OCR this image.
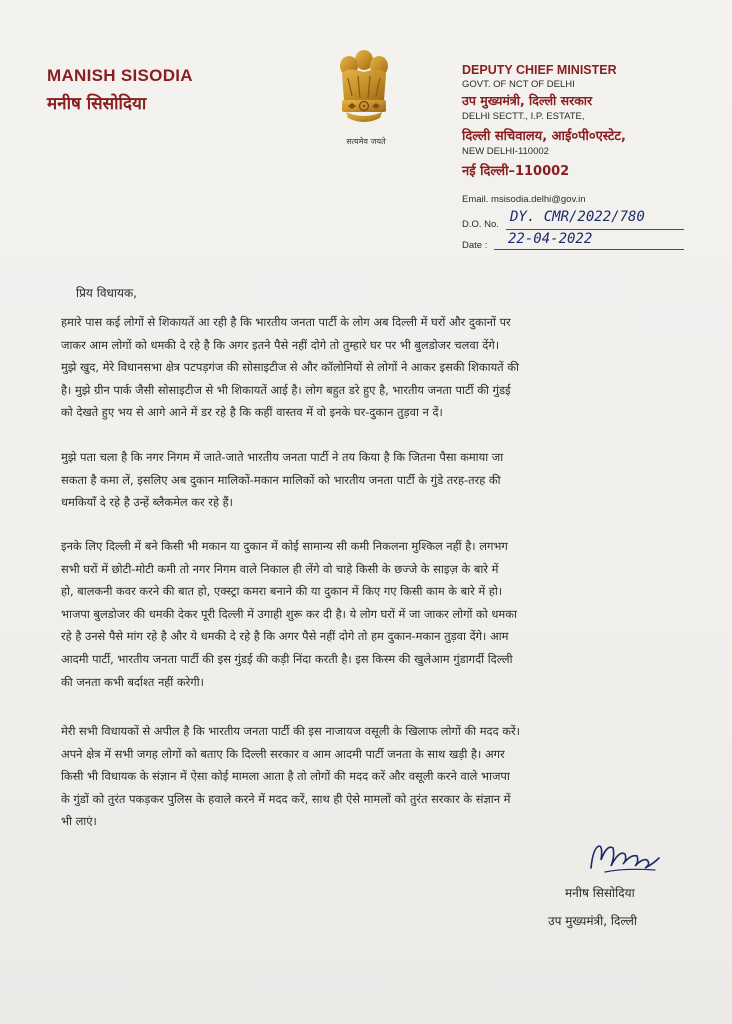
MANISH SISODIA
मनीष सिसोदिया
सत्यमेव जयते
DEPUTY CHIEF MINISTER
GOVT. OF NCT OF DELHI
उप मुख्यमंत्री, दिल्ली सरकार
DELHI SECTT., I.P. ESTATE,
दिल्ली सचिवालय, आई०पी०एस्टेट,
NEW DELHI-110002
नई दिल्ली–110002
Email. msisodia.delhi@gov.in
D.O. No. DY. CMR/2022/780
Date : 22-04-2022
प्रिय विधायक,
हमारे पास कई लोगों से शिकायतें आ रही है कि भारतीय जनता पार्टी के लोग अब दिल्ली में घरों और दुकानों पर
जाकर आम लोगों को धमकी दे रहे है कि अगर इतने पैसे नहीं दोगे तो तुम्हारे घर पर भी बुलडोजर चलवा देंगे।
मुझे खुद, मेरे विधानसभा क्षेत्र पटपड़गंज की सोसाइटीज से और कॉलोनियों से लोगों ने आकर इसकी शिकायतें की
है। मुझे ग्रीन पार्क जैसी सोसाइटीज से भी शिकायतें आई है। लोग बहुत डरे हुए है, भारतीय जनता पार्टी की गुंडई
को देखते हुए भय से आगे आने में डर रहे है कि कहीं वास्तव में वो इनके घर-दुकान तुड़वा न दें।
मुझे पता चला है कि नगर निगम में जाते-जाते भारतीय जनता पार्टी ने तय किया है कि जितना पैसा कमाया जा
सकता है कमा लें, इसलिए अब दुकान मालिकों-मकान मालिकों को भारतीय जनता पार्टी के गुंडे तरह-तरह की
धमकियाँ दे रहे है उन्हें ब्लैकमेल कर रहे हैं।
इनके लिए दिल्ली में बने किसी भी मकान या दुकान में कोई सामान्य सी कमी निकलना मुश्किल नहीं है। लगभग
सभी घरों में छोटी-मोटी कमी तो नगर निगम वाले निकाल ही लेंगे वो चाहे किसी के छज्जे के साइज़ के बारे में
हो, बालकनी कवर करने की बात हो, एक्स्ट्रा कमरा बनाने की या दुकान में किए गए किसी काम के बारे में हो।
भाजपा बुलडोजर की धमकी देकर पूरी दिल्ली में उगाही शुरू कर दी है। ये लोग घरों में जा जाकर लोगों को धमका
रहे है उनसे पैसे मांग रहे है और ये धमकी दे रहे है कि अगर पैसे नहीं दोगे तो हम दुकान-मकान तुड़वा देंगे। आम
आदमी पार्टी, भारतीय जनता पार्टी की इस गुंडई की कड़ी निंदा करती है। इस किस्म की खुलेआम गुंडागर्दी दिल्ली
की जनता कभी बर्दाश्त नहीं करेगी।
मेरी सभी विधायकों से अपील है कि भारतीय जनता पार्टी की इस नाजायज वसूली के खिलाफ लोगों की मदद करें।
अपने क्षेत्र में सभी जगह लोगों को बताए कि दिल्ली सरकार व आम आदमी पार्टी जनता के साथ खड़ी है। अगर
किसी भी विधायक के संज्ञान में ऐसा कोई मामला आता है तो लोगों की मदद करें और वसूली करने वाले भाजपा
के गुंडों को तुरंत पकड़कर पुलिस के हवाले करने में मदद करें, साथ ही ऐसे मामलों को तुरंत सरकार के संज्ञान में
भी लाएं।
मनीष सिसोदिया
उप मुख्यमंत्री, दिल्ली
